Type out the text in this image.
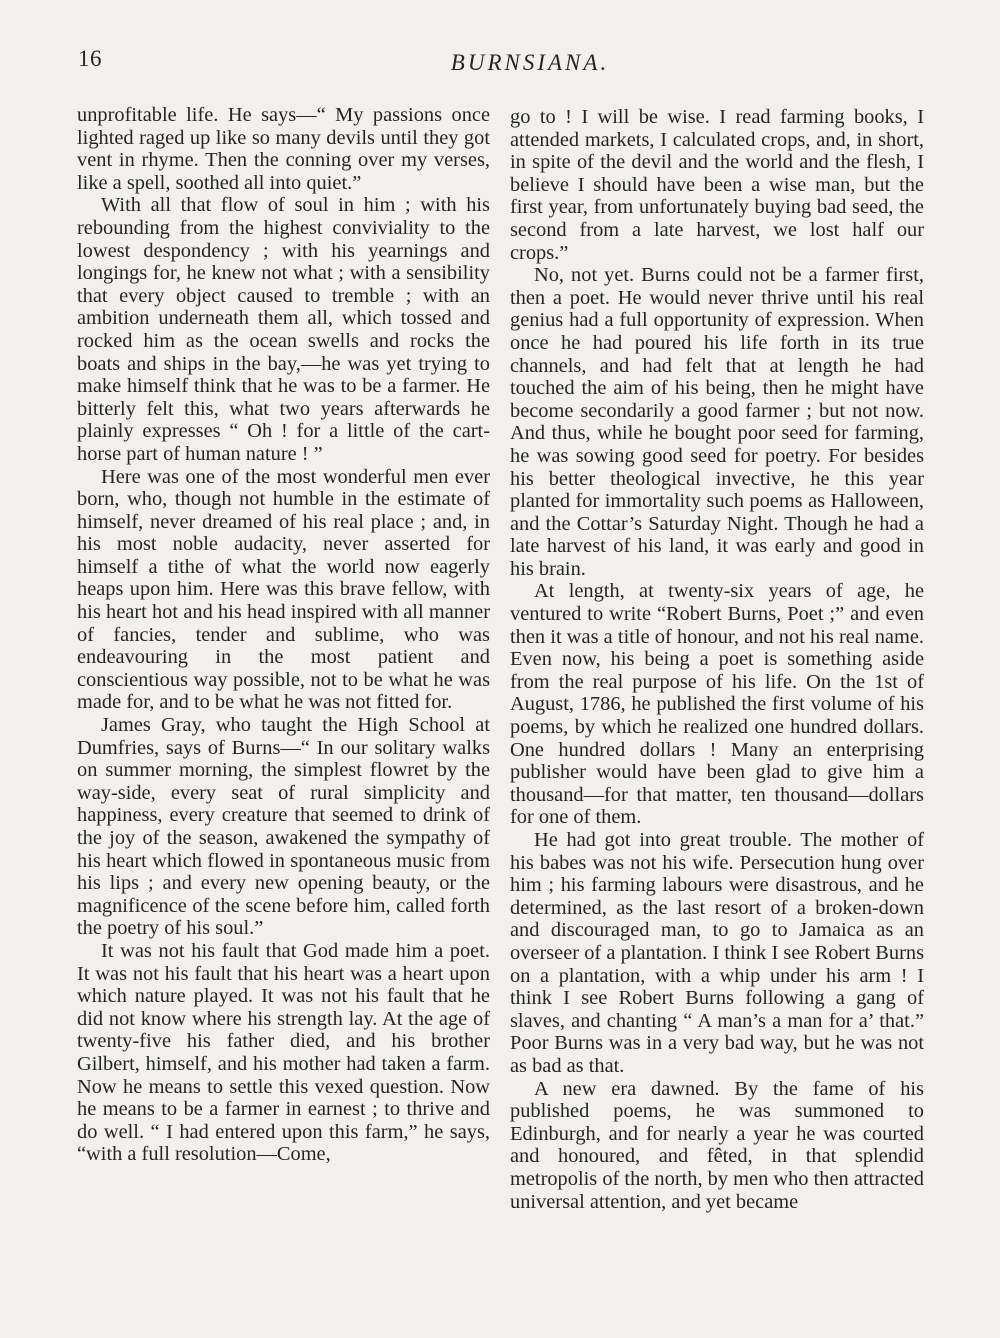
16	BURNSIANA.

unprofitable life. He says—“ My passions once lighted raged up like so many devils until they got vent in rhyme. Then the conning over my verses, like a spell, soothed all into quiet.”

With all that flow of soul in him ; with his rebounding from the highest conviviality to the lowest despondency ; with his yearnings and longings for, he knew not what ; with a sensibility that every object caused to tremble ; with an ambition underneath them all, which tossed and rocked him as the ocean swells and rocks the boats and ships in the bay,—he was yet trying to make himself think that he was to be a farmer. He bitterly felt this, what two years afterwards he plainly expresses “ Oh ! for a little of the cart-horse part of human nature ! ”

Here was one of the most wonderful men ever born, who, though not humble in the estimate of himself, never dreamed of his real place ; and, in his most noble audacity, never asserted for himself a tithe of what the world now eagerly heaps upon him. Here was this brave fellow, with his heart hot and his head inspired with all manner of fancies, tender and sublime, who was endeavouring in the most patient and conscientious way possible, not to be what he was made for, and to be what he was not fitted for.

James Gray, who taught the High School at Dumfries, says of Burns—“ In our solitary walks on summer morning, the simplest flowret by the way-side, every seat of rural simplicity and happiness, every creature that seemed to drink of the joy of the season, awakened the sympathy of his heart which flowed in spontaneous music from his lips ; and every new opening beauty, or the magnificence of the scene before him, called forth the poetry of his soul.”

It was not his fault that God made him a poet. It was not his fault that his heart was a heart upon which nature played. It was not his fault that he did not know where his strength lay. At the age of twenty-five his father died, and his brother Gilbert, himself, and his mother had taken a farm. Now he means to settle this vexed question. Now he means to be a farmer in earnest ; to thrive and do well. “ I had entered upon this farm,” he says, “with a full resolution—Come,

go to ! I will be wise. I read farming books, I attended markets, I calculated crops, and, in short, in spite of the devil and the world and the flesh, I believe I should have been a wise man, but the first year, from unfortunately buying bad seed, the second from a late harvest, we lost half our crops.”

No, not yet. Burns could not be a farmer first, then a poet. He would never thrive until his real genius had a full opportunity of expression. When once he had poured his life forth in its true channels, and had felt that at length he had touched the aim of his being, then he might have become secondarily a good farmer ; but not now. And thus, while he bought poor seed for farming, he was sowing good seed for poetry. For besides his better theological invective, he this year planted for immortality such poems as Halloween, and the Cottar’s Saturday Night. Though he had a late harvest of his land, it was early and good in his brain.

At length, at twenty-six years of age, he ventured to write “Robert Burns, Poet ;” and even then it was a title of honour, and not his real name. Even now, his being a poet is something aside from the real purpose of his life. On the 1st of August, 1786, he published the first volume of his poems, by which he realized one hundred dollars. One hundred dollars ! Many an enterprising publisher would have been glad to give him a thousand—for that matter, ten thousand—dollars for one of them.

He had got into great trouble. The mother of his babes was not his wife. Persecution hung over him ; his farming labours were disastrous, and he determined, as the last resort of a broken-down and discouraged man, to go to Jamaica as an overseer of a plantation. I think I see Robert Burns on a plantation, with a whip under his arm ! I think I see Robert Burns following a gang of slaves, and chanting “ A man’s a man for a’ that.” Poor Burns was in a very bad way, but he was not as bad as that.

A new era dawned. By the fame of his published poems, he was summoned to Edinburgh, and for nearly a year he was courted and honoured, and fêted, in that splendid metropolis of the north, by men who then attracted universal attention, and yet became
